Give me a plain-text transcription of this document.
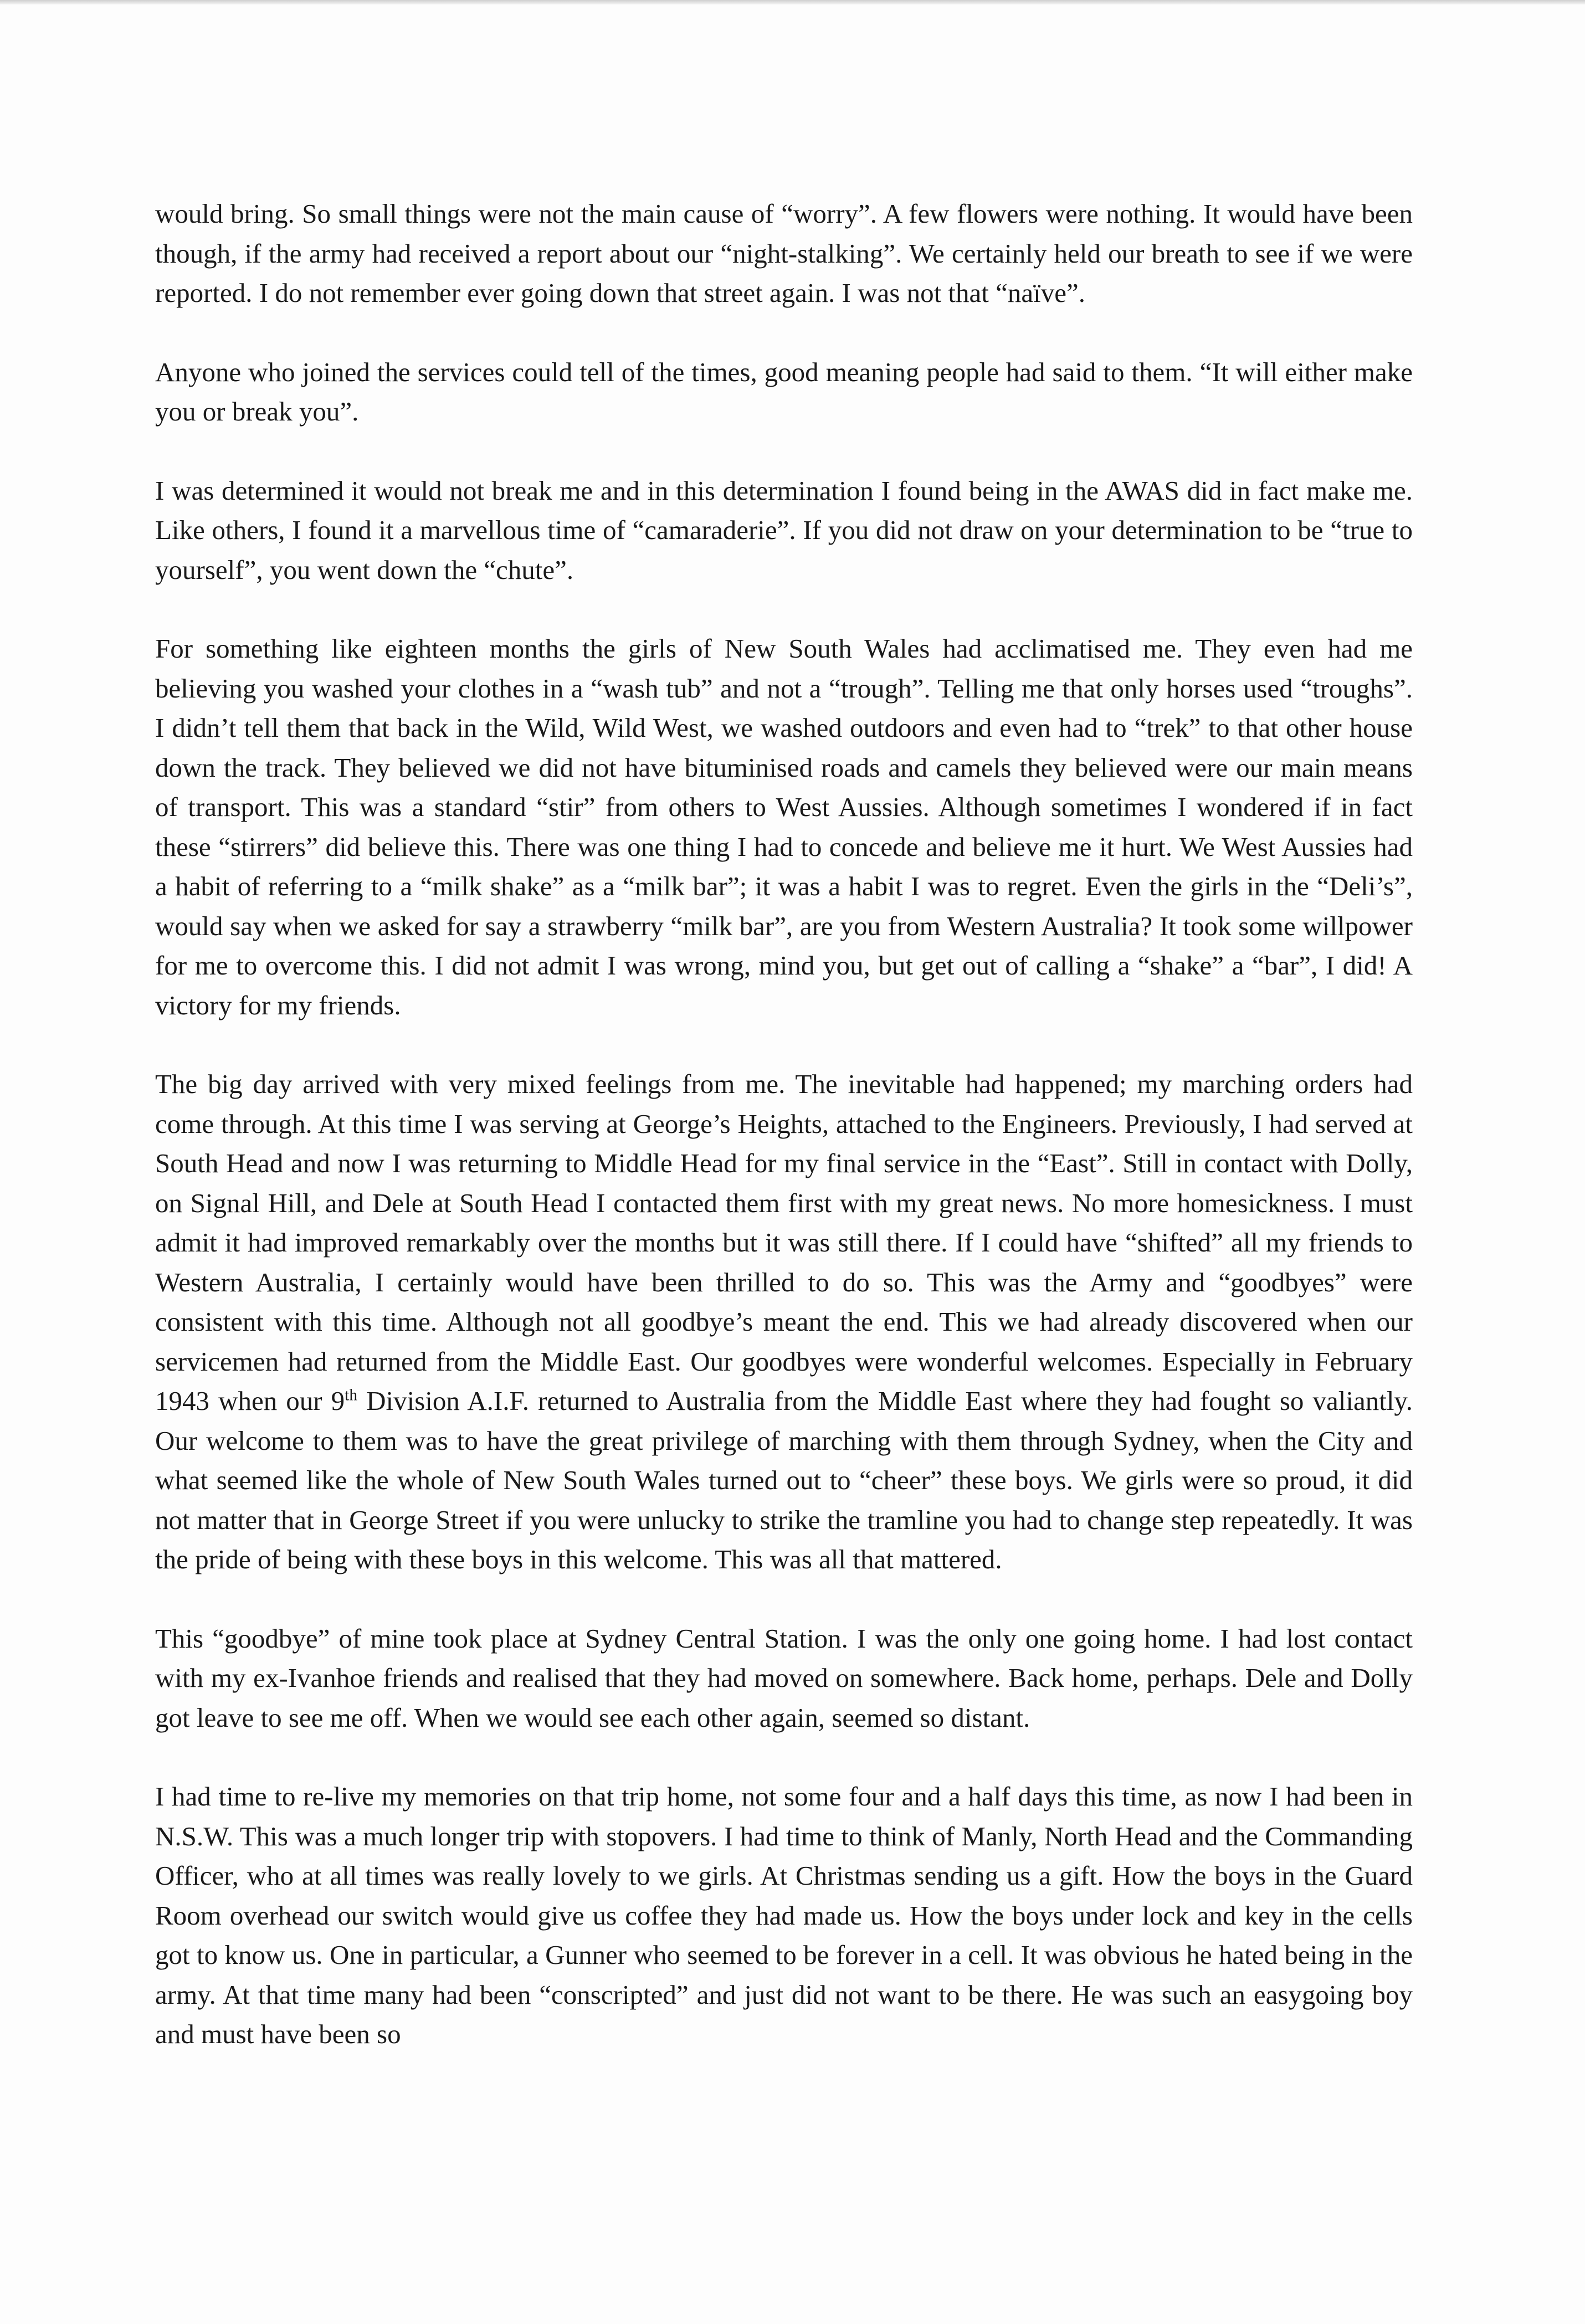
would bring. So small things were not the main cause of “worry”. A few flowers were nothing. It would have been though, if the army had received a report about our “night-stalking”. We certainly held our breath to see if we were reported. I do not remember ever going down that street again. I was not that “naïve”.

Anyone who joined the services could tell of the times, good meaning people had said to them. “It will either make you or break you”.

I was determined it would not break me and in this determination I found being in the AWAS did in fact make me. Like others, I found it a marvellous time of “camaraderie”. If you did not draw on your determination to be “true to yourself”, you went down the “chute”.

For something like eighteen months the girls of New South Wales had acclimatised me. They even had me believing you washed your clothes in a “wash tub” and not a “trough”. Telling me that only horses used “troughs”. I didn’t tell them that back in the Wild, Wild West, we washed outdoors and even had to “trek” to that other house down the track. They believed we did not have bituminised roads and camels they believed were our main means of transport. This was a standard “stir” from others to West Aussies. Although sometimes I wondered if in fact these “stirrers” did believe this. There was one thing I had to concede and believe me it hurt. We West Aussies had a habit of referring to a “milk shake” as a “milk bar”; it was a habit I was to regret. Even the girls in the “Deli’s”, would say when we asked for say a strawberry “milk bar”, are you from Western Australia? It took some willpower for me to overcome this. I did not admit I was wrong, mind you, but get out of calling a “shake” a “bar”, I did! A victory for my friends.

The big day arrived with very mixed feelings from me. The inevitable had happened; my marching orders had come through. At this time I was serving at George’s Heights, attached to the Engineers. Previously, I had served at South Head and now I was returning to Middle Head for my final service in the “East”. Still in contact with Dolly, on Signal Hill, and Dele at South Head I contacted them first with my great news. No more homesickness. I must admit it had improved remarkably over the months but it was still there. If I could have “shifted” all my friends to Western Australia, I certainly would have been thrilled to do so. This was the Army and “goodbyes” were consistent with this time. Although not all goodbye’s meant the end. This we had already discovered when our servicemen had returned from the Middle East. Our goodbyes were wonderful welcomes. Especially in February 1943 when our 9th Division A.I.F. returned to Australia from the Middle East where they had fought so valiantly. Our welcome to them was to have the great privilege of marching with them through Sydney, when the City and what seemed like the whole of New South Wales turned out to “cheer” these boys. We girls were so proud, it did not matter that in George Street if you were unlucky to strike the tramline you had to change step repeatedly. It was the pride of being with these boys in this welcome. This was all that mattered.

This “goodbye” of mine took place at Sydney Central Station. I was the only one going home. I had lost contact with my ex-Ivanhoe friends and realised that they had moved on somewhere. Back home, perhaps. Dele and Dolly got leave to see me off. When we would see each other again, seemed so distant.

I had time to re-live my memories on that trip home, not some four and a half days this time, as now I had been in N.S.W. This was a much longer trip with stopovers. I had time to think of Manly, North Head and the Commanding Officer, who at all times was really lovely to we girls. At Christmas sending us a gift. How the boys in the Guard Room overhead our switch would give us coffee they had made us. How the boys under lock and key in the cells got to know us. One in particular, a Gunner who seemed to be forever in a cell. It was obvious he hated being in the army. At that time many had been “conscripted” and just did not want to be there. He was such an easygoing boy and must have been so
